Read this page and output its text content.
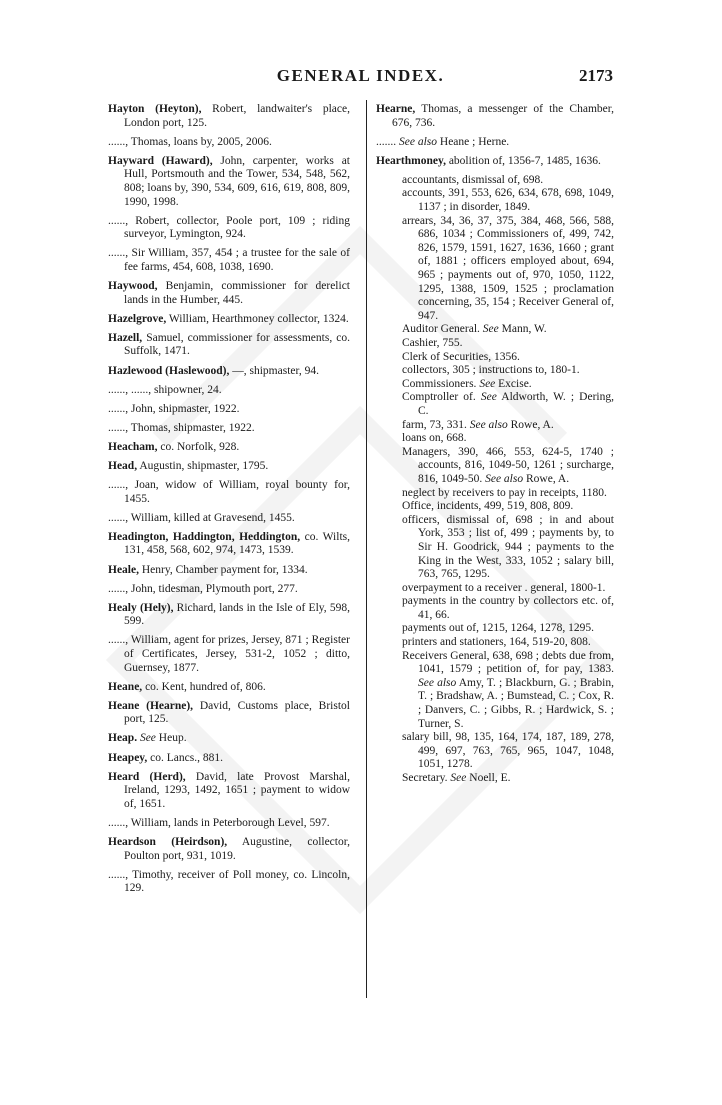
GENERAL INDEX.	2173
Hayton (Heyton), Robert, landwaiter's place, London port, 125.
......, Thomas, loans by, 2005, 2006.
Hayward (Haward), John, carpenter, works at Hull, Portsmouth and the Tower, 534, 548, 562, 808; loans by, 390, 534, 609, 616, 619, 808, 809, 1990, 1998.
......, Robert, collector, Poole port, 109 ; riding surveyor, Lymington, 924.
......, Sir William, 357, 454 ; a trustee for the sale of fee farms, 454, 608, 1038, 1690.
Haywood, Benjamin, commissioner for derelict lands in the Humber, 445.
Hazelgrove, William, Hearthmoney collector, 1324.
Hazell, Samuel, commissioner for assessments, co. Suffolk, 1471.
Hazlewood (Haslewood), —, shipmaster, 94.
......, ......, shipowner, 24.
......, John, shipmaster, 1922.
......, Thomas, shipmaster, 1922.
Heacham, co. Norfolk, 928.
Head, Augustin, shipmaster, 1795.
......, Joan, widow of William, royal bounty for, 1455.
......, William, killed at Gravesend, 1455.
Headington, Haddington, Heddington, co. Wilts, 131, 458, 568, 602, 974, 1473, 1539.
Heale, Henry, Chamber payment for, 1334.
......, John, tidesman, Plymouth port, 277.
Healy (Hely), Richard, lands in the Isle of Ely, 598, 599.
......, William, agent for prizes, Jersey, 871 ; Register of Certificates, Jersey, 531-2, 1052 ; ditto, Guernsey, 1877.
Heane, co. Kent, hundred of, 806.
Heane (Hearne), David, Customs place, Bristol port, 125.
Heap. See Heup.
Heapey, co. Lancs., 881.
Heard (Herd), David, late Provost Marshal, Ireland, 1293, 1492, 1651 ; payment to widow of, 1651.
......, William, lands in Peterborough Level, 597.
Heardson (Heirdson), Augustine, collector, Poulton port, 931, 1019.
......, Timothy, receiver of Poll money, co. Lincoln, 129.
Hearne, Thomas, a messenger of the Chamber, 676, 736.
....... See also Heane ; Herne.
Hearthmoney, abolition of, 1356-7, 1485, 1636.
accountants, dismissal of, 698.
accounts, 391, 553, 626, 634, 678, 698, 1049, 1137 ; in disorder, 1849.
arrears, 34, 36, 37, 375, 384, 468, 566, 588, 686, 1034 ; Commissioners of, 499, 742, 826, 1579, 1591, 1627, 1636, 1660 ; grant of, 1881 ; officers employed about, 694, 965 ; payments out of, 970, 1050, 1122, 1295, 1388, 1509, 1525 ; proclamation concerning, 35, 154 ; Receiver General of, 947.
Auditor General. See Mann, W.
Cashier, 755.
Clerk of Securities, 1356.
collectors, 305 ; instructions to, 180-1.
Commissioners. See Excise.
Comptroller of. See Aldworth, W. ; Dering, C.
farm, 73, 331. See also Rowe, A.
loans on, 668.
Managers, 390, 466, 553, 624-5, 1740 ; accounts, 816, 1049-50, 1261 ; surcharge, 816, 1049-50. See also Rowe, A.
neglect by receivers to pay in receipts, 1180.
Office, incidents, 499, 519, 808, 809.
officers, dismissal of, 698 ; in and about York, 353 ; list of, 499 ; payments by, to Sir H. Goodrick, 944 ; payments to the King in the West, 333, 1052 ; salary bill, 763, 765, 1295.
overpayment to a receiver . general, 1800-1.
payments in the country by collectors etc. of, 41, 66.
payments out of, 1215, 1264, 1278, 1295.
printers and stationers, 164, 519-20, 808.
Receivers General, 638, 698 ; debts due from, 1041, 1579 ; petition of, for pay, 1383. See also Amy, T. ; Blackburn, G. ; Brabin, T. ; Bradshaw, A. ; Bumstead, C. ; Cox, R. ; Danvers, C. ; Gibbs, R. ; Hardwick, S. ; Turner, S.
salary bill, 98, 135, 164, 174, 187, 189, 278, 499, 697, 763, 765, 965, 1047, 1048, 1051, 1278.
Secretary. See Noell, E.
